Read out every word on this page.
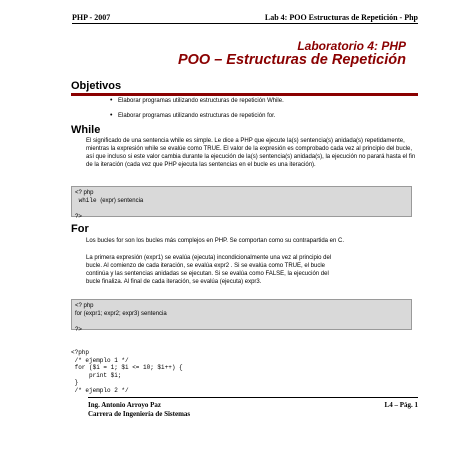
PHP - 2007	Lab 4: POO Estructuras de Repetición - Php
Laboratorio 4: PHP
POO – Estructuras de Repetición
Objetivos
• Elaborar programas utilizando estructuras de repetición While.
• Elaborar programas utilizando estructuras de repetición for.
While
El significado de una sentencia while es simple. Le dice a PHP que ejecute la(s) sentencia(s) anidada(s) repetidamente, mientras la expresión while se evalúe como TRUE. El valor de la expresión es comprobado cada vez al principio del bucle, así que incluso si este valor cambia durante la ejecución de la(s) sentencia(s) anidada(s), la ejecución no parará hasta el fin de la iteración (cada vez que PHP ejecuta las sentencias en el bucle es una iteración).
<? php
while (expr) sentencia

?>
For
Los bucles for son los bucles más complejos en PHP. Se comportan como su contrapartida en C.
La primera expresión (expr1) se evalúa (ejecuta) incondicionalmente una vez al principio del
bucle. Al comienzo de cada iteración, se evalúa expr2 . Si se evalúa como TRUE, el bucle
continúa y las sentencias anidadas se ejecutan. Si se evalúa como FALSE, la ejecución del
bucle finaliza. Al final de cada iteración, se evalúa (ejecuta) expr3.
<? php
for (expr1; expr2; expr3) sentencia

?>
<?php
/* ejemplo 1 */
for ($i = 1; $i <= 10; $i++) {
print $i;
}
/* ejemplo 2 */
Ing. Antonio Arroyo Paz
Carrera de Ingeniería de Sistemas
L4 – Pág. 1
